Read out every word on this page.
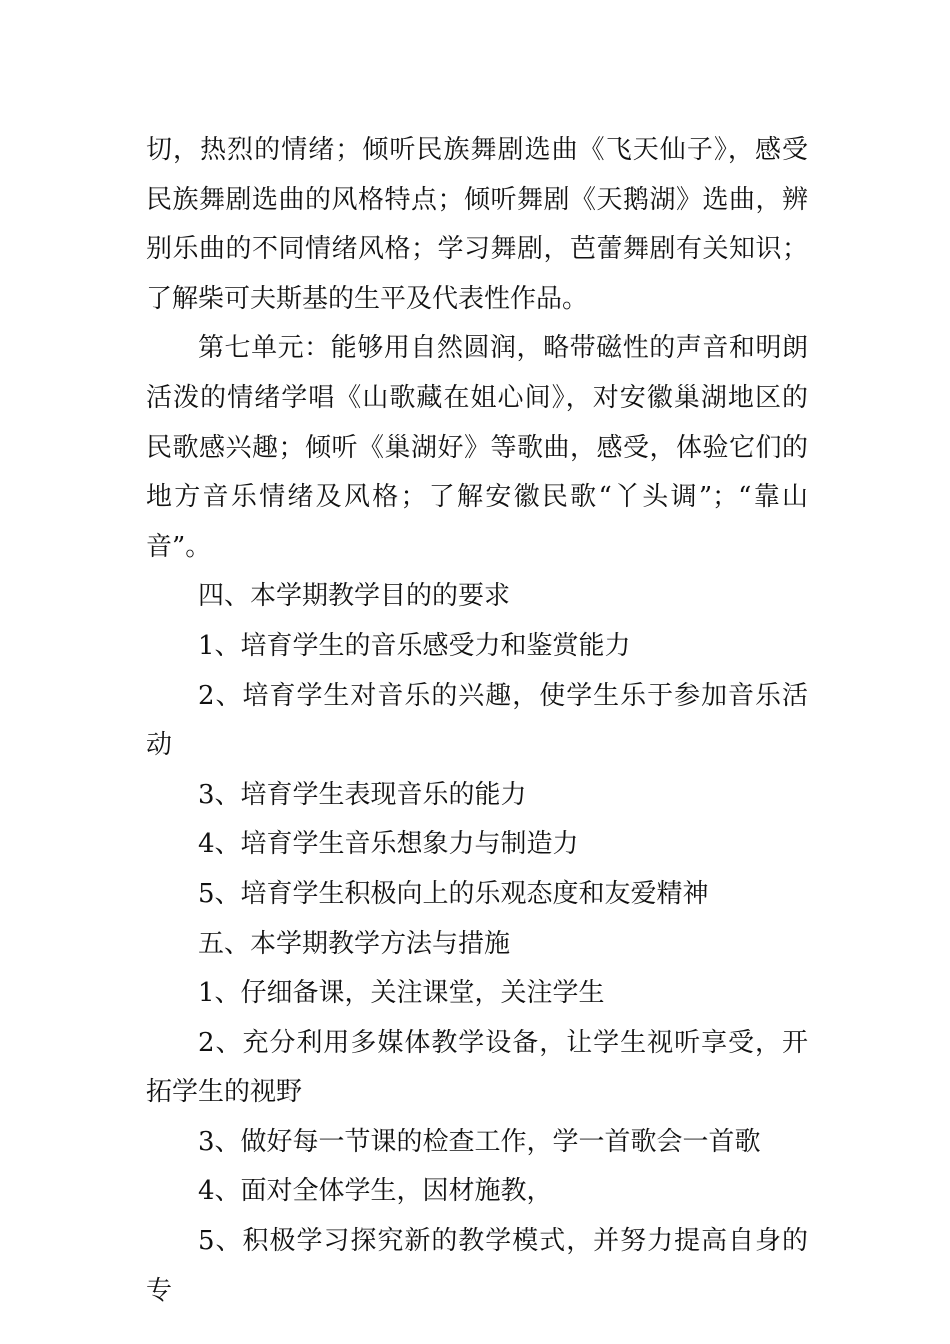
切，热烈的情绪；倾听民族舞剧选曲《飞天仙子》，感受民族舞剧选曲的风格特点；倾听舞剧《天鹅湖》选曲，辨别乐曲的不同情绪风格；学习舞剧，芭蕾舞剧有关知识；了解柴可夫斯基的生平及代表性作品。

第七单元：能够用自然圆润，略带磁性的声音和明朗活泼的情绪学唱《山歌藏在姐心间》，对安徽巢湖地区的民歌感兴趣；倾听《巢湖好》等歌曲，感受，体验它们的地方音乐情绪及风格；了解安徽民歌“丫头调”；“靠山音”。

四、本学期教学目的的要求

1、培育学生的音乐感受力和鉴赏能力

2、培育学生对音乐的兴趣，使学生乐于参加音乐活动

3、培育学生表现音乐的能力

4、培育学生音乐想象力与制造力

5、培育学生积极向上的乐观态度和友爱精神

五、本学期教学方法与措施

1、仔细备课，关注课堂，关注学生

2、充分利用多媒体教学设备，让学生视听享受，开拓学生的视野

3、做好每一节课的检查工作，学一首歌会一首歌

4、面对全体学生，因材施教，

5、积极学习探究新的教学模式，并努力提高自身的专
